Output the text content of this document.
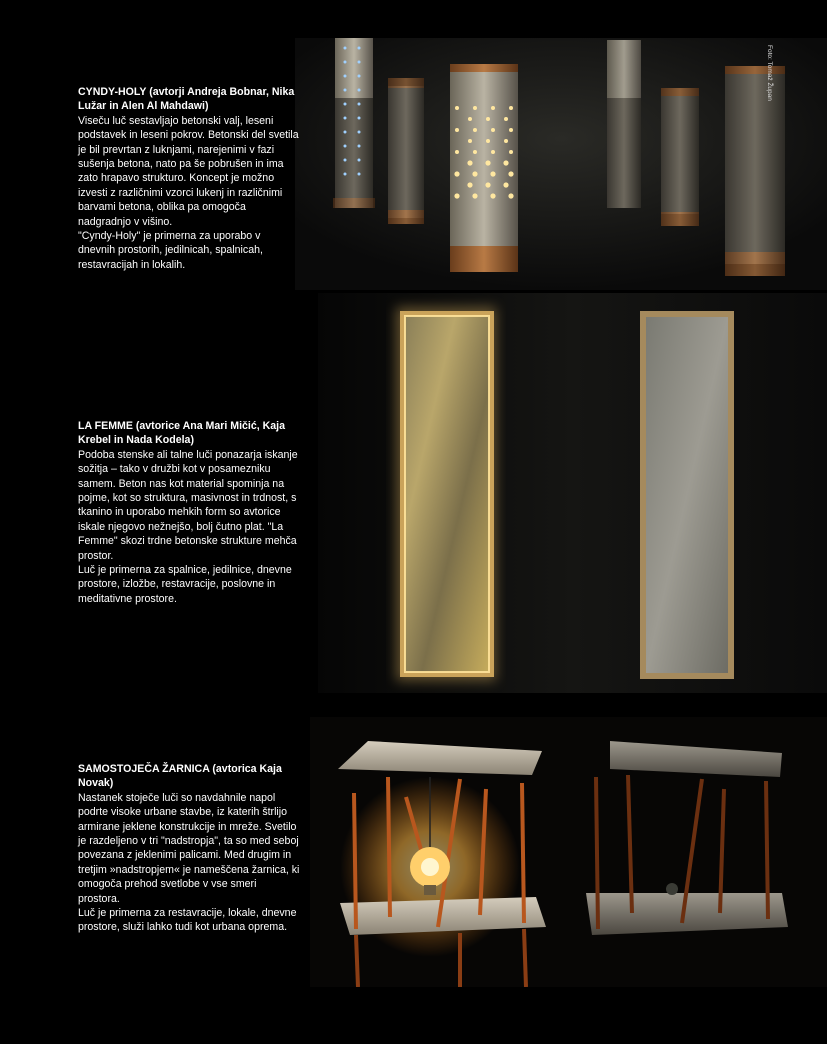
Foto: Tomaž Župan

CYNDY-HOLY (avtorji Andreja Bobnar, Nika Lužar in Alen Al Mahdawi)

Viseču luč sestavljajo betonski valj, leseni podstavek in leseni pokrov. Betonski del svetila je bil prevrtan z luknjami, narejenimi v fazi sušenja betona, nato pa še pobrušen in ima zato hrapavo strukturo. Koncept je možno izvesti z različnimi vzorci lukenj in različnimi barvami betona, oblika pa omogoča nadgradnjo v višino.
"Cyndy-Holy" je primerna za uporabo v dnevnih prostorih, jedilnicah, spalnicah, restavracijah in lokalih.

LA FEMME (avtorice Ana Mari Mičić, Kaja Krebel in Nada Kodela)

Podoba stenske ali talne luči ponazarja iskanje sožitja – tako v družbi kot v posamezniku samem. Beton nas kot material spominja na pojme, kot so struktura, masivnost in trdnost, s tkanino in uporabo mehkih form so avtorice iskale njegovo nežnejšo, bolj čutno plat. "La Femme" skozi trdne betonske strukture mehča prostor.
Luč je primerna za spalnice, jedilnice, dnevne prostore, izložbe, restavracije, poslovne in meditativne prostore.

SAMOSTOJEČA ŽARNICA (avtorica Kaja Novak)

Nastanek stoječe luči so navdahnile napol podrte visoke urbane stavbe, iz katerih štrlijo armirane jeklene konstrukcije in mreže. Svetilo je razdeljeno v tri "nadstropja", ta so med seboj povezana z jeklenimi palicami. Med drugim in tretjim »nadstropjem« je nameščena žarnica, ki omogoča prehod svetlobe v vse smeri prostora.
Luč je primerna za restavracije, lokale, dnevne prostore, služi lahko tudi kot urbana oprema.
